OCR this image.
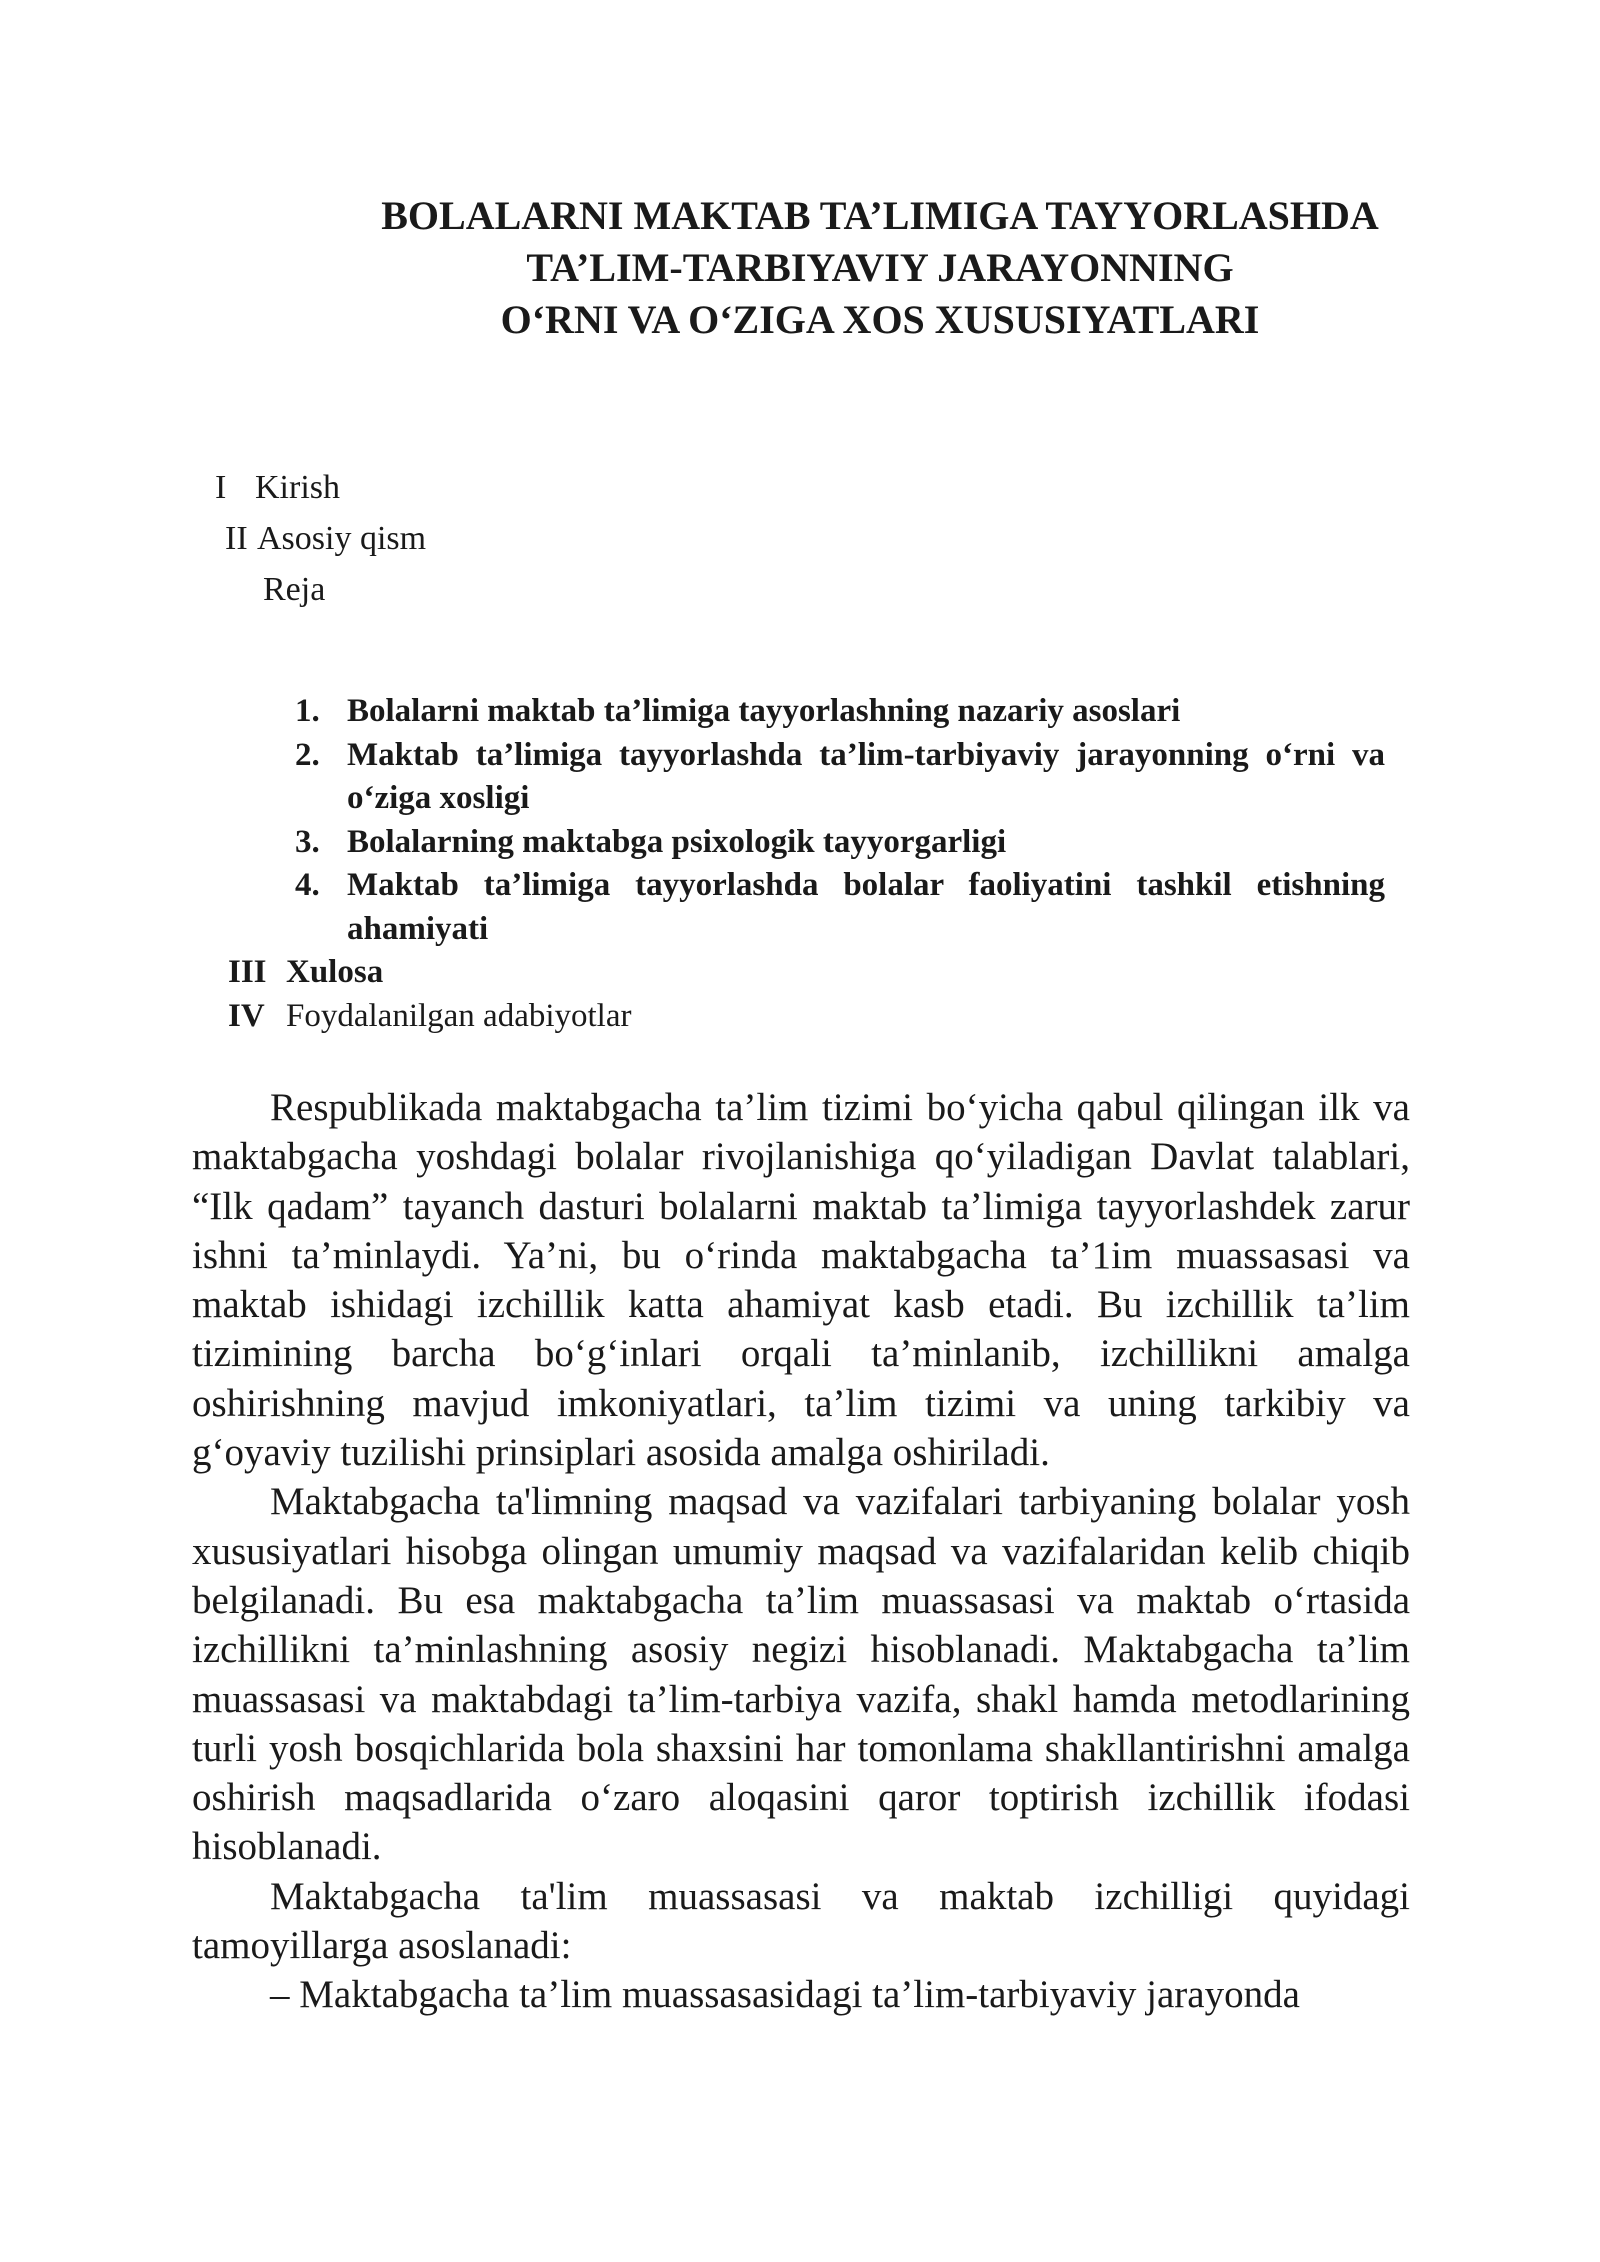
BOLALARNI MAKTAB TA’LIMIGA TAYYORLASHDA
TA’LIM-TARBIYAVIY JARAYONNING
O‘RNI VA O‘ZIGA XOS XUSUSIYATLARI
I Kirish
II Asosiy qism
Reja
1. Bolalarni maktab ta’limiga tayyorlashning nazariy asoslari
2. Maktab ta’limiga tayyorlashda ta’lim-tarbiyaviy jarayonning o‘rni va o‘ziga xosligi
3. Bolalarning maktabga psixologik tayyorgarligi
4. Maktab ta’limiga tayyorlashda bolalar faoliyatini tashkil etishning ahamiyati
III Xulosa
IV Foydalanilgan adabiyotlar

Respublikada maktabgacha ta’lim tizimi bo‘yicha qabul qilingan ilk va maktabgacha yoshdagi bolalar rivojlanishiga qo‘yiladigan Davlat talablari, “Ilk qadam” tayanch dasturi bolalarni maktab ta’limiga tayyorlashdek zarur ishni ta’minlaydi. Ya’ni, bu o‘rinda maktabgacha ta’1im muassasasi va maktab ishidagi izchillik katta ahamiyat kasb etadi. Bu izchillik ta’lim tizimining barcha bo‘g‘inlari orqali ta’minlanib, izchillikni amalga oshirishning mavjud imkoniyatlari, ta’lim tizimi va uning tarkibiy va g‘oyaviy tuzilishi prinsiplari asosida amalga oshiriladi.

Maktabgacha ta'limning maqsad va vazifalari tarbiyaning bolalar yosh xususiyatlari hisobga olingan umumiy maqsad va vazifalaridan kelib chiqib belgilanadi. Bu esa maktabgacha ta’lim muassasasi va maktab o‘rtasida izchillikni ta’minlashning asosiy negizi hisoblanadi. Maktabgacha ta’lim muassasasi va maktabdagi ta’lim-tarbiya vazifa, shakl hamda metodlarining turli yosh bosqichlarida bola shaxsini har tomonlama shakllantirishni amalga oshirish maqsadlarida o‘zaro aloqasini qaror toptirish izchillik ifodasi hisoblanadi.

Maktabgacha ta'lim muassasasi va maktab izchilligi quyidagi tamoyillarga asoslanadi:

– Maktabgacha ta’lim muassasasidagi ta’lim-tarbiyaviy jarayonda
